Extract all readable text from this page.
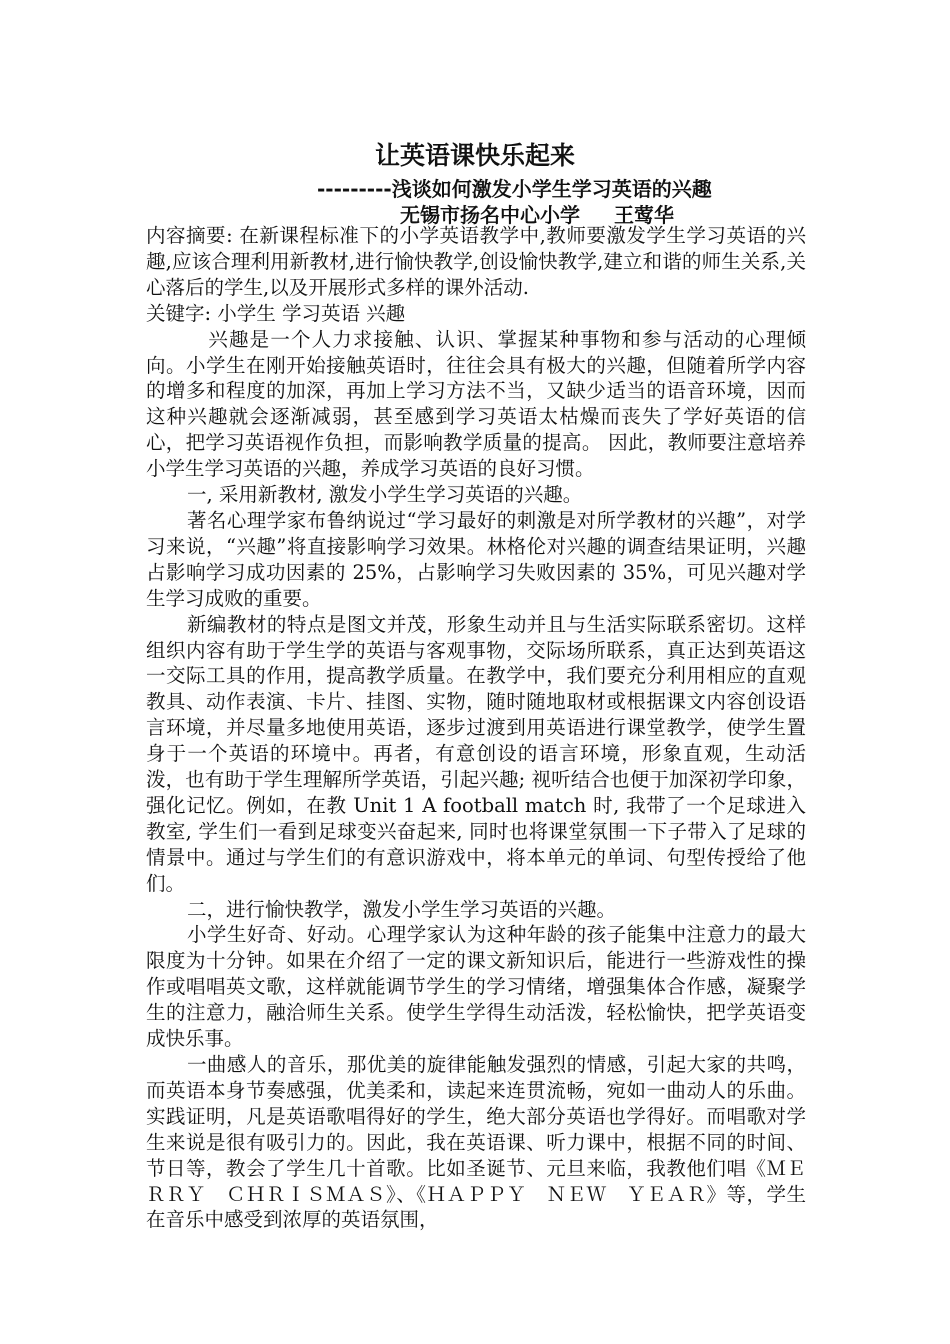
让英语课快乐起来
---------浅谈如何激发小学生学习英语的兴趣
无锡市扬名中心小学 王莺华

内容摘要: 在新课程标准下的小学英语教学中,教师要激发学生学习英语的兴趣,应该合理利用新教材,进行愉快教学,创设愉快教学,建立和谐的师生关系,关心落后的学生,以及开展形式多样的课外活动.

关键字: 小学生 学习英语 兴趣

兴趣是一个人力求接触、认识、掌握某种事物和参与活动的心理倾向。小学生在刚开始接触英语时，往往会具有极大的兴趣，但随着所学内容的增多和程度的加深，再加上学习方法不当，又缺少适当的语音环境，因而这种兴趣就会逐渐减弱，甚至感到学习英语太枯燥而丧失了学好英语的信心，把学习英语视作负担，而影响教学质量的提高。 因此，教师要注意培养小学生学习英语的兴趣，养成学习英语的良好习惯。

一, 采用新教材, 激发小学生学习英语的兴趣。

著名心理学家布鲁纳说过“学习最好的刺激是对所学教材的兴趣”，对学习来说，“兴趣”将直接影响学习效果。林格伦对兴趣的调查结果证明，兴趣占影响学习成功因素的 25%，占影响学习失败因素的 35%，可见兴趣对学生学习成败的重要。

新编教材的特点是图文并茂，形象生动并且与生活实际联系密切。这样组织内容有助于学生学的英语与客观事物，交际场所联系，真正达到英语这一交际工具的作用，提高教学质量。在教学中，我们要充分利用相应的直观教具、动作表演、卡片、挂图、实物，随时随地取材或根据课文内容创设语言环境，并尽量多地使用英语，逐步过渡到用英语进行课堂教学，使学生置身于一个英语的环境中。再者，有意创设的语言环境，形象直观，生动活泼，也有助于学生理解所学英语，引起兴趣; 视听结合也便于加深初学印象，强化记忆。例如，在教 Unit 1 A football match 时, 我带了一个足球进入教室, 学生们一看到足球变兴奋起来, 同时也将课堂氛围一下子带入了足球的情景中。通过与学生们的有意识游戏中，将本单元的单词、句型传授给了他们。

二，进行愉快教学，激发小学生学习英语的兴趣。

小学生好奇、好动。心理学家认为这种年龄的孩子能集中注意力的最大限度为十分钟。如果在介绍了一定的课文新知识后，能进行一些游戏性的操作或唱唱英文歌，这样就能调节学生的学习情绪，增强集体合作感，凝聚学生的注意力，融洽师生关系。使学生学得生动活泼，轻松愉快，把学英语变成快乐事。

一曲感人的音乐，那优美的旋律能触发强烈的情感，引起大家的共鸣，而英语本身节奏感强，优美柔和，读起来连贯流畅，宛如一曲动人的乐曲。实践证明，凡是英语歌唱得好的学生，绝大部分英语也学得好。而唱歌对学生来说是很有吸引力的。因此，我在英语课、听力课中，根据不同的时间、节日等，教会了学生几十首歌。比如圣诞节、元旦来临，我教他们唱《ＭＥＲＲＹ　ＣＨＲＩＳＭＡＳ》、《ＨＡＰＰＹ　ＮＥＷ　ＹＥＡＲ》等，学生在音乐中感受到浓厚的英语氛围，
